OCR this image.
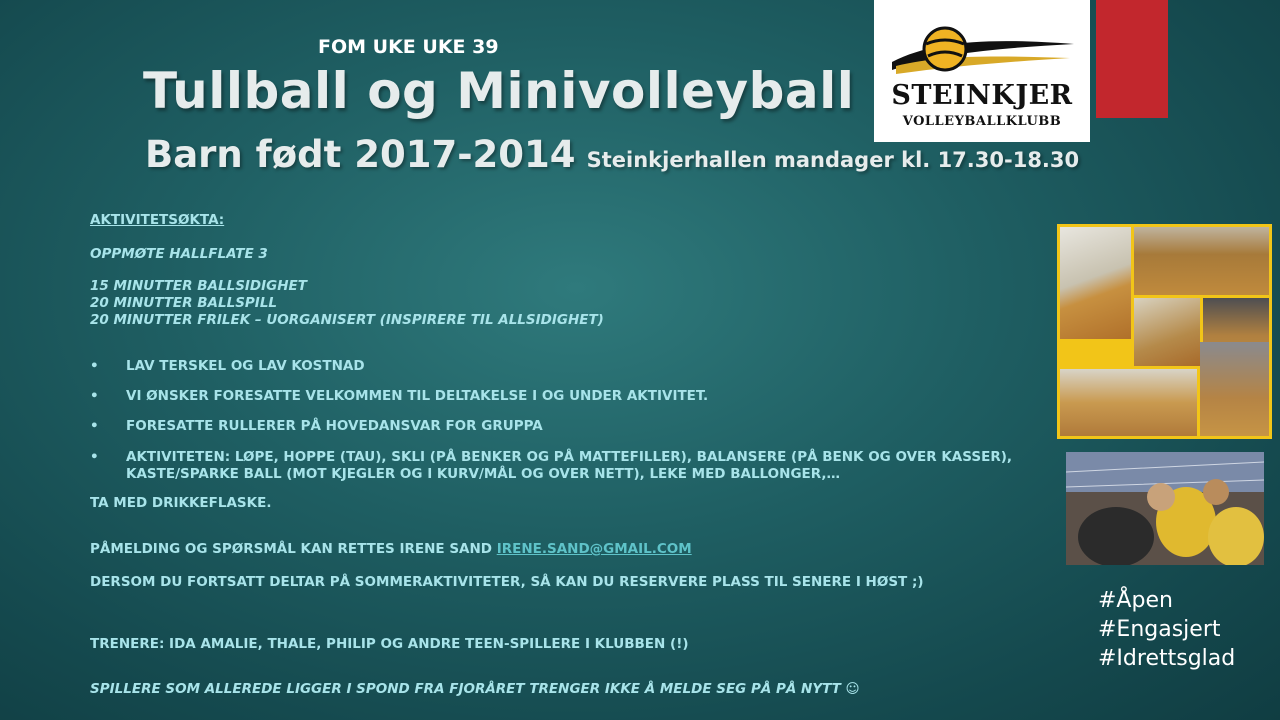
FOM UKE UKE 39
Tullball og Minivolleyball
Barn født 2017-2014 Steinkjerhallen mandager kl. 17.30-18.30
STEINKJER
VOLLEYBALLKLUBB
AKTIVITETSØKTA:
OPPMØTE HALLFLATE 3
15 MINUTTER BALLSIDIGHET
20 MINUTTER BALLSPILL
20 MINUTTER FRILEK – UORGANISERT (INSPIRERE TIL ALLSIDIGHET)
• LAV TERSKEL OG LAV KOSTNAD
• VI ØNSKER FORESATTE VELKOMMEN TIL DELTAKELSE I OG UNDER AKTIVITET.
• FORESATTE RULLERER PÅ HOVEDANSVAR FOR GRUPPA
• AKTIVITETEN: LØPE, HOPPE (TAU), SKLI (PÅ BENKER OG PÅ MATTEFILLER), BALANSERE (PÅ BENK OG OVER KASSER),
KASTE/SPARKE BALL (MOT KJEGLER OG I KURV/MÅL OG OVER NETT), LEKE MED BALLONGER,…
TA MED DRIKKEFLASKE.
PÅMELDING OG SPØRSMÅL KAN RETTES IRENE SAND IRENE.SAND@GMAIL.COM
DERSOM DU FORTSATT DELTAR PÅ SOMMERAKTIVITETER, SÅ KAN DU RESERVERE PLASS TIL SENERE I HØST ;)
TRENERE: IDA AMALIE, THALE, PHILIP OG ANDRE TEEN-SPILLERE I KLUBBEN (!)
SPILLERE SOM ALLEREDE LIGGER I SPOND FRA FJORÅRET TRENGER IKKE Å MELDE SEG PÅ PÅ NYTT ☺
#Åpen
#Engasjert
#Idrettsglad
